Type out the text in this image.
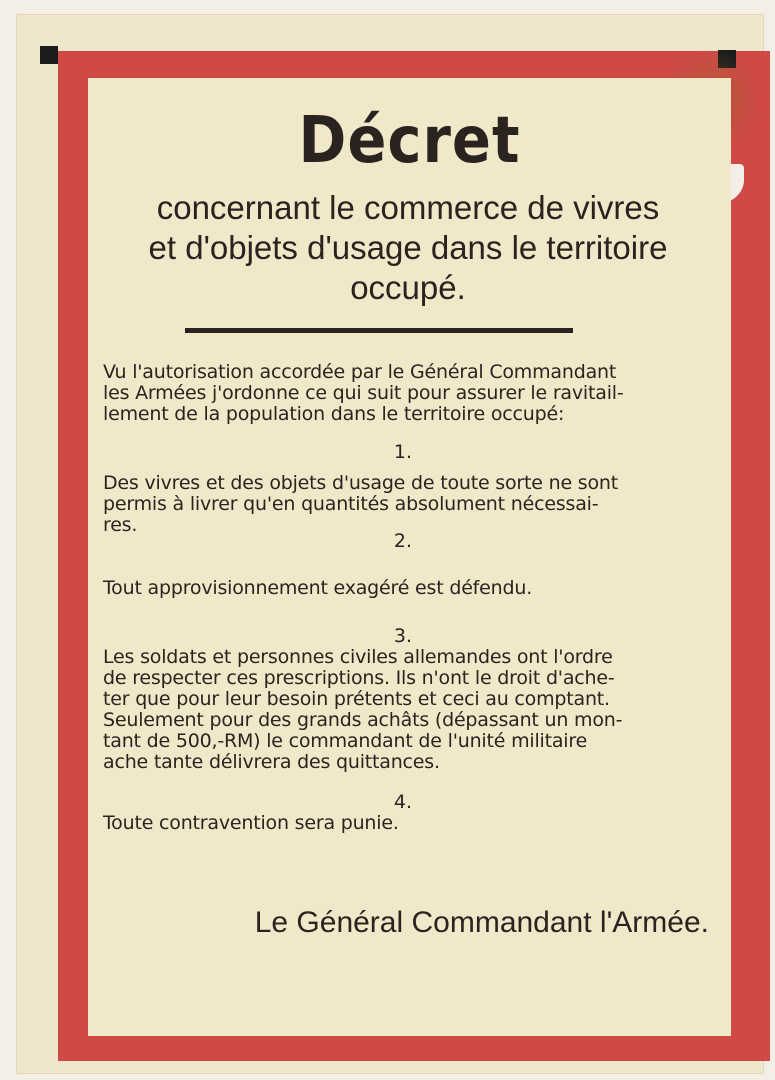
Décret
concernant le commerce de vivres
et d'objets d'usage dans le territoire
occupé.

Vu l'autorisation accordée par le Général Commandant

les Armées j'ordonne ce qui suit pour assurer le ravitail-

lement de la population dans le territoire occupé:

1.

Des vivres et des objets d'usage de toute sorte ne sont

permis à livrer qu'en quantités absolument nécessai-

res.

2.

Tout approvisionnement exagéré est défendu.

3.

Les soldats et personnes civiles allemandes ont l'ordre

de respecter ces prescriptions. Ils n'ont le droit d'ache-

ter que pour leur besoin prétents et ceci au comptant.

Seulement pour des grands achâts (dépassant un mon-

tant de 500,-RM) le commandant de l'unité militaire

ache tante délivrera des quittances.

4.

Toute contravention sera punie.

Le Général Commandant l'Armée.
